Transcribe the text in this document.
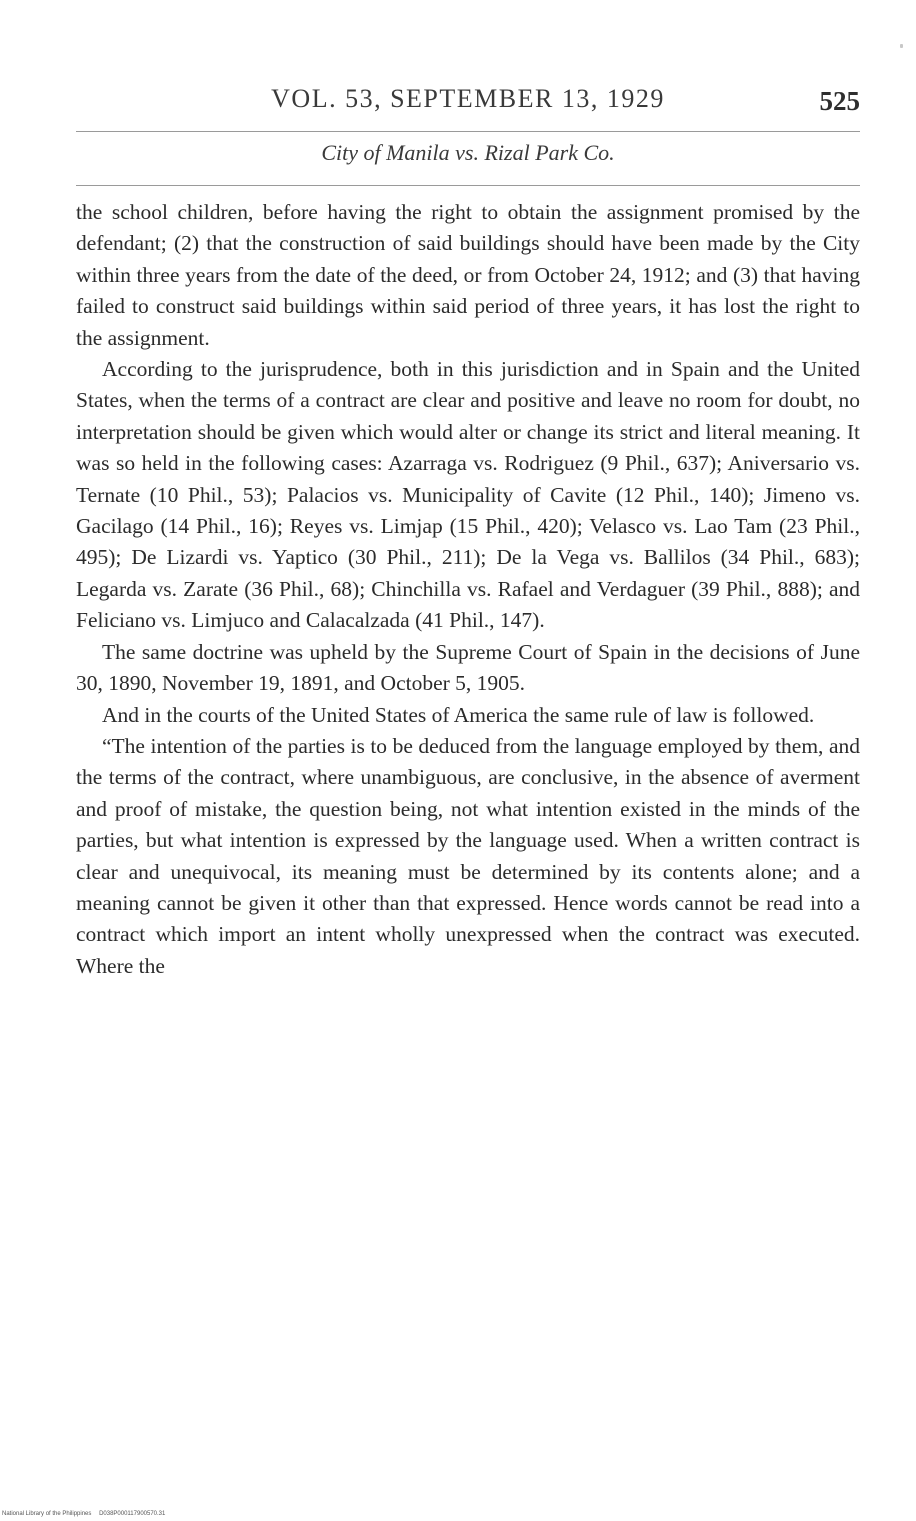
VOL. 53, SEPTEMBER 13, 1929	525
City of Manila vs. Rizal Park Co.

the school children, before having the right to obtain the assignment promised by the defendant; (2) that the construction of said buildings should have been made by the City within three years from the date of the deed, or from October 24, 1912; and (3) that having failed to construct said buildings within said period of three years, it has lost the right to the assignment.

According to the jurisprudence, both in this jurisdiction and in Spain and the United States, when the terms of a contract are clear and positive and leave no room for doubt, no interpretation should be given which would alter or change its strict and literal meaning. It was so held in the following cases: Azarraga vs. Rodriguez (9 Phil., 637); Aniversario vs. Ternate (10 Phil., 53); Palacios vs. Municipality of Cavite (12 Phil., 140); Jimeno vs. Gacilago (14 Phil., 16); Reyes vs. Limjap (15 Phil., 420); Velasco vs. Lao Tam (23 Phil., 495); De Lizardi vs. Yaptico (30 Phil., 211); De la Vega vs. Ballilos (34 Phil., 683); Legarda vs. Zarate (36 Phil., 68); Chinchilla vs. Rafael and Verdaguer (39 Phil., 888); and Feliciano vs. Limjuco and Calacalzada (41 Phil., 147).

The same doctrine was upheld by the Supreme Court of Spain in the decisions of June 30, 1890, November 19, 1891, and October 5, 1905.

And in the courts of the United States of America the same rule of law is followed.

“The intention of the parties is to be deduced from the language employed by them, and the terms of the contract, where unambiguous, are conclusive, in the absence of averment and proof of mistake, the question being, not what intention existed in the minds of the parties, but what intention is expressed by the language used. When a written contract is clear and unequivocal, its meaning must be determined by its contents alone; and a meaning cannot be given it other than that expressed. Hence words cannot be read into a contract which import an intent wholly unexpressed when the contract was executed. Where the

National Library of the Philippines D038P000117900570.31
